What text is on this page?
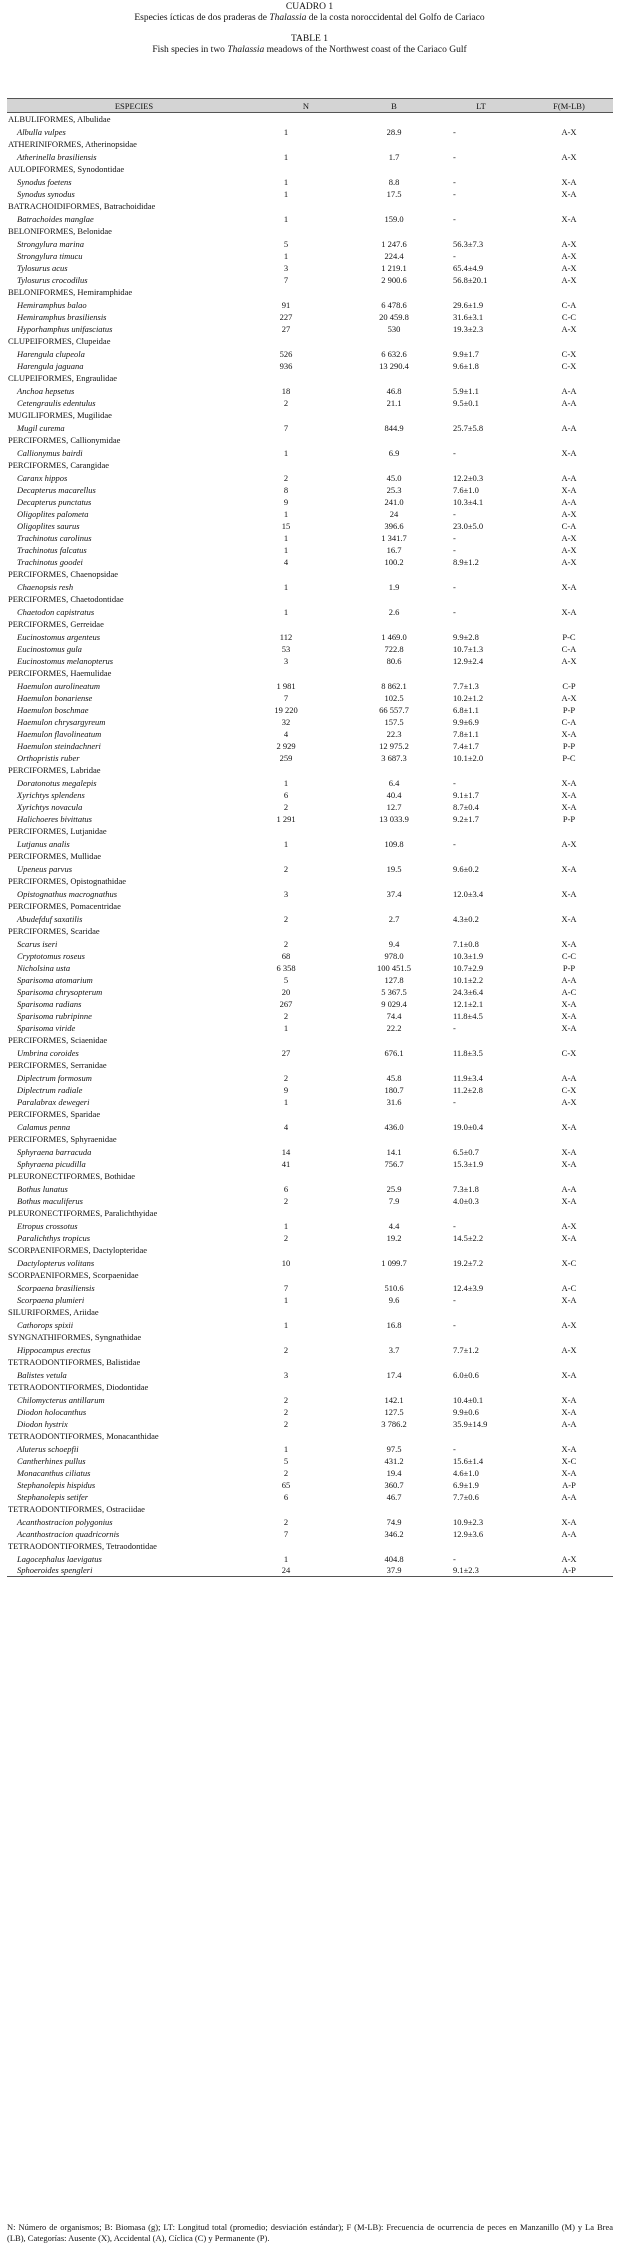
CUADRO 1
Especies ícticas de dos praderas de Thalassia de la costa noroccidental del Golfo de Cariaco
TABLE 1
Fish species in two Thalassia meadows of the Northwest coast of the Cariaco Gulf
ESPECIES	N	B	LT	F(M-LB)
ALBULIFORMES, Albulidae				
Albulla vulpes	1	28.9	-	A-X
ATHERINIFORMES, Atherinopsidae				
Atherinella brasiliensis	1	1.7	-	A-X
AULOPIFORMES, Synodontidae				
Synodus foetens	1	8.8	-	X-A
Synodus synodus	1	17.5	-	X-A
BATRACHOIDIFORMES, Batrachoididae				
Batrachoides manglae	1	159.0	-	X-A
BELONIFORMES, Belonidae				
Strongylura marina	5	1 247.6	56.3±7.3	A-X
Strongylura timucu	1	224.4	-	A-X
Tylosurus acus	3	1 219.1	65.4±4.9	A-X
Tylosurus crocodilus	7	2 900.6	56.8±20.1	A-X
BELONIFORMES, Hemiramphidae				
Hemiramphus balao	91	6 478.6	29.6±1.9	C-A
Hemiramphus brasiliensis	227	20 459.8	31.6±3.1	C-C
Hyporhamphus unifasciatus	27	530	19.3±2.3	A-X
CLUPEIFORMES, Clupeidae				
Harengula clupeola	526	6 632.6	9.9±1.7	C-X
Harengula jaguana	936	13 290.4	9.6±1.8	C-X
CLUPEIFORMES, Engraulidae				
Anchoa hepsetus	18	46.8	5.9±1.1	A-A
Cetengraulis edentulus	2	21.1	9.5±0.1	A-A
MUGILIFORMES, Mugilidae				
Mugil curema	7	844.9	25.7±5.8	A-A
PERCIFORMES, Callionymidae				
Callionymus bairdi	1	6.9	-	X-A
PERCIFORMES, Carangidae				
Caranx hippos	2	45.0	12.2±0.3	A-A
Decapterus macarellus	8	25.3	7.6±1.0	X-A
Decapterus punctatus	9	241.0	10.3±4.1	A-A
Oligoplites palometa	1	24	-	A-X
Oligoplites saurus	15	396.6	23.0±5.0	C-A
Trachinotus carolinus	1	1 341.7	-	A-X
Trachinotus falcatus	1	16.7	-	A-X
Trachinotus goodei	4	100.2	8.9±1.2	A-X
PERCIFORMES, Chaenopsidae				
Chaenopsis resh	1	1.9	-	X-A
PERCIFORMES, Chaetodontidae				
Chaetodon capistratus	1	2.6	-	X-A
PERCIFORMES, Gerreidae				
Eucinostomus argenteus	112	1 469.0	9.9±2.8	P-C
Eucinostomus gula	53	722.8	10.7±1.3	C-A
Eucinostomus melanopterus	3	80.6	12.9±2.4	A-X
PERCIFORMES, Haemulidae				
Haemulon aurolineatum	1 981	8 862.1	7.7±1.3	C-P
Haemulon bonariense	7	102.5	10.2±1.2	A-X
Haemulon boschmae	19 220	66 557.7	6.8±1.1	P-P
Haemulon chrysargyreum	32	157.5	9.9±6.9	C-A
Haemulon flavolineatum	4	22.3	7.8±1.1	X-A
Haemulon steindachneri	2 929	12 975.2	7.4±1.7	P-P
Orthopristis ruber	259	3 687.3	10.1±2.0	P-C
PERCIFORMES, Labridae				
Doratonotus megalepis	1	6.4	-	X-A
Xyrichtys splendens	6	40.4	9.1±1.7	X-A
Xyrichtys novacula	2	12.7	8.7±0.4	X-A
Halichoeres bivittatus	1 291	13 033.9	9.2±1.7	P-P
PERCIFORMES, Lutjanidae				
Lutjanus analis	1	109.8	-	A-X
PERCIFORMES, Mullidae				
Upeneus parvus	2	19.5	9.6±0.2	X-A
PERCIFORMES, Opistognathidae				
Opistognathus macrognathus	3	37.4	12.0±3.4	X-A
PERCIFORMES, Pomacentridae				
Abudefduf saxatilis	2	2.7	4.3±0.2	X-A
PERCIFORMES, Scaridae				
Scarus iseri	2	9.4	7.1±0.8	X-A
Cryptotomus roseus	68	978.0	10.3±1.9	C-C
Nicholsina usta	6 358	100 451.5	10.7±2.9	P-P
Sparisoma atomarium	5	127.8	10.1±2.2	A-A
Sparisoma chrysopterum	20	5 367.5	24.3±6.4	A-C
Sparisoma radians	267	9 029.4	12.1±2.1	X-A
Sparisoma rubripinne	2	74.4	11.8±4.5	X-A
Sparisoma viride	1	22.2	-	X-A
PERCIFORMES, Sciaenidae				
Umbrina coroides	27	676.1	11.8±3.5	C-X
PERCIFORMES, Serranidae				
Diplectrum formosum	2	45.8	11.9±3.4	A-A
Diplectrum radiale	9	180.7	11.2±2.8	C-X
Paralabrax dewegeri	1	31.6	-	A-X
PERCIFORMES, Sparidae				
Calamus penna	4	436.0	19.0±0.4	X-A
PERCIFORMES, Sphyraenidae				
Sphyraena barracuda	14	14.1	6.5±0.7	X-A
Sphyraena picudilla	41	756.7	15.3±1.9	X-A
PLEURONECTIFORMES, Bothidae				
Bothus lunatus	6	25.9	7.3±1.8	A-A
Bothus maculiferus	2	7.9	4.0±0.3	X-A
PLEURONECTIFORMES, Paralichthyidae				
Etropus crossotus	1	4.4	-	A-X
Paralichthys tropicus	2	19.2	14.5±2.2	X-A
SCORPAENIFORMES, Dactylopteridae				
Dactylopterus volitans	10	1 099.7	19.2±7.2	X-C
SCORPAENIFORMES, Scorpaenidae				
Scorpaena brasiliensis	7	510.6	12.4±3.9	A-C
Scorpaena plumieri	1	9.6	-	X-A
SILURIFORMES, Ariidae				
Cathorops spixii	1	16.8	-	A-X
SYNGNATHIFORMES, Syngnathidae				
Hippocampus erectus	2	3.7	7.7±1.2	A-X
TETRAODONTIFORMES, Balistidae				
Balistes vetula	3	17.4	6.0±0.6	X-A
TETRAODONTIFORMES, Diodontidae				
Chilomycterus antillarum	2	142.1	10.4±0.1	X-A
Diodon holocanthus	2	127.5	9.9±0.6	X-A
Diodon hystrix	2	3 786.2	35.9±14.9	A-A
TETRAODONTIFORMES, Monacanthidae				
Aluterus schoepfii	1	97.5	-	X-A
Cantherhines pullus	5	431.2	15.6±1.4	X-C
Monacanthus ciliatus	2	19.4	4.6±1.0	X-A
Stephanolepis hispidus	65	360.7	6.9±1.9	A-P
Stephanolepis setifer	6	46.7	7.7±0.6	A-A
TETRAODONTIFORMES, Ostraciidae				
Acanthostracion polygonius	2	74.9	10.9±2.3	X-A
Acanthostracion quadricornis	7	346.2	12.9±3.6	A-A
TETRAODONTIFORMES, Tetraodontidae				
Lagocephalus laevigatus	1	404.8	-	A-X
Sphoeroides spengleri	24	37.9	9.1±2.3	A-P
N: Número de organismos; B: Biomasa (g); LT: Longitud total (promedio; desviación estándar); F (M-LB): Frecuencia de ocurrencia de peces en Manzanillo (M) y La Brea (LB), Categorías: Ausente (X), Accidental (A), Cíclica (C) y Permanente (P).
